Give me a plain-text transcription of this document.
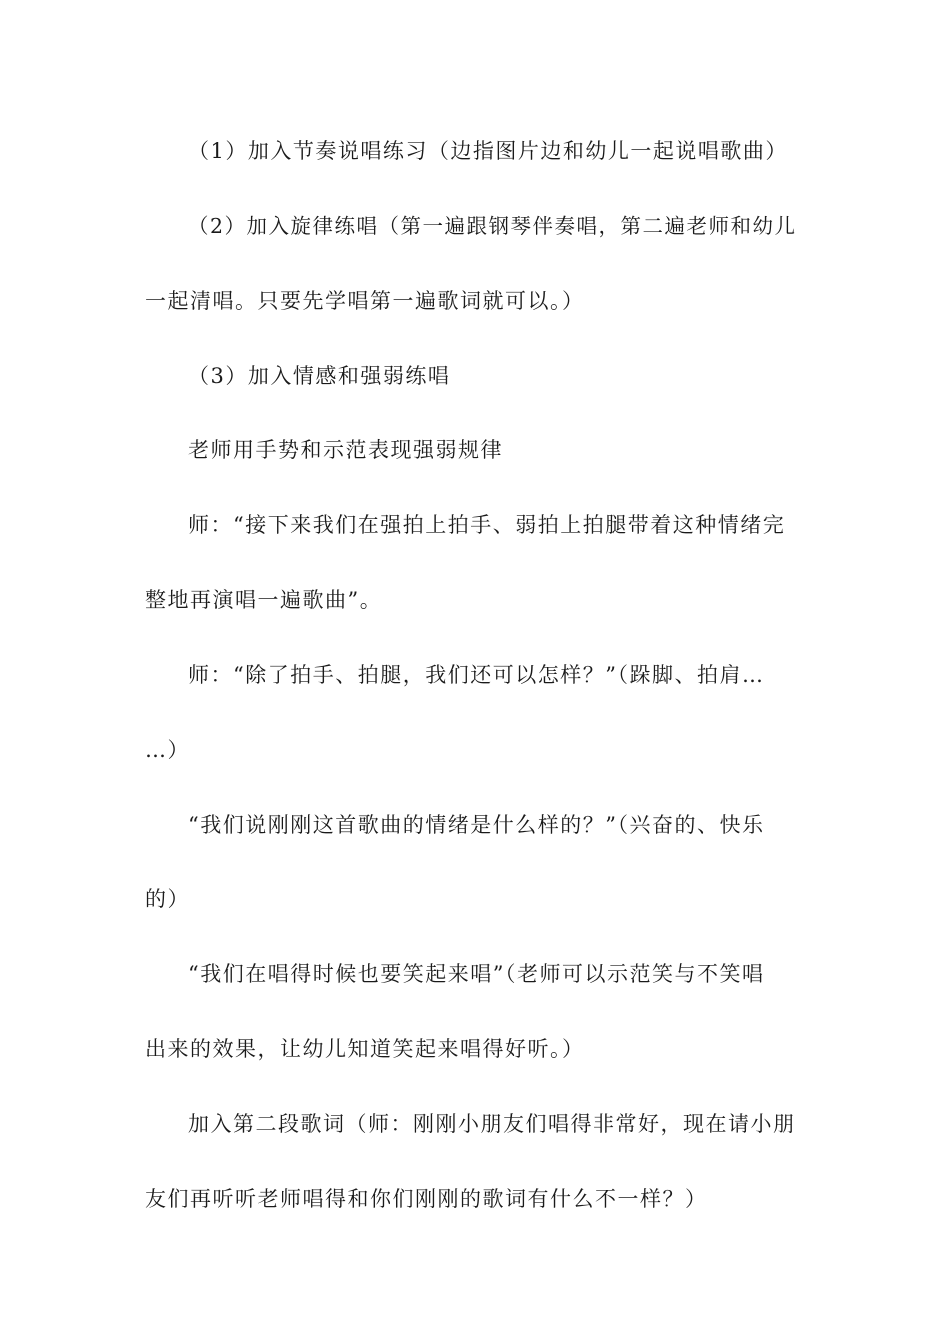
（1）加入节奏说唱练习（边指图片边和幼儿一起说唱歌曲）
（2）加入旋律练唱（第一遍跟钢琴伴奏唱，第二遍老师和幼儿
一起清唱。只要先学唱第一遍歌词就可以。）
（3）加入情感和强弱练唱
老师用手势和示范表现强弱规律
师：“接下来我们在强拍上拍手、弱拍上拍腿带着这种情绪完
整地再演唱一遍歌曲”。
师：“除了拍手、拍腿，我们还可以怎样？”（跺脚、拍肩…
…）
“我们说刚刚这首歌曲的情绪是什么样的？”（兴奋的、快乐
的）
“我们在唱得时候也要笑起来唱”（老师可以示范笑与不笑唱
出来的效果，让幼儿知道笑起来唱得好听。）
加入第二段歌词（师：刚刚小朋友们唱得非常好，现在请小朋
友们再听听老师唱得和你们刚刚的歌词有什么不一样？）
